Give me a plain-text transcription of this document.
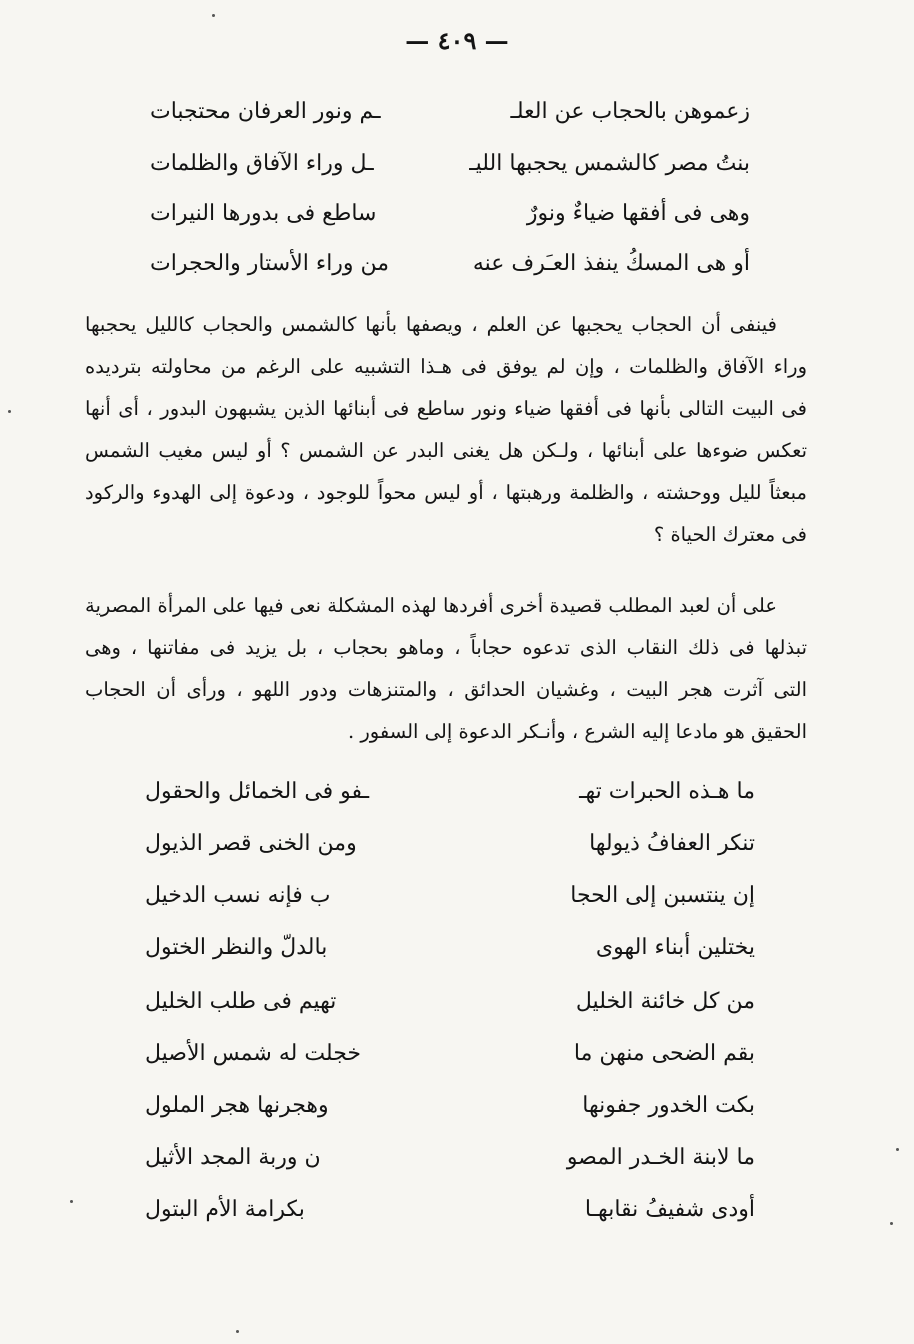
— ٤٠٩ —
زعموهن بالحجاب عن العلـ
ـم ونور العرفان محتجبات
بنتُ مصر كالشمس يحجبها الليـ
ـل وراء الآفاق والظلمات
وهى فى أفقها ضياءٌ ونورٌ
ساطع فى بدورها النيرات
أو هى المسكُ ينفذ العـَرف عنه
من وراء الأستار والحجرات
فينفى أن الحجاب يحجبها عن العلم ، ويصفها بأنها كالشمس والحجاب كالليل يحجبها
وراء الآفاق والظلمات ، وإن لم يوفق فى هـذا التشبيه على الرغم من محاولته بترديده
فى البيت التالى بأنها فى أفقها ضياء ونور ساطع فى أبنائها الذين يشبهون البدور ، أى أنها
تعكس ضوءها على أبنائها ، ولـكن هل يغنى البدر عن الشمس ؟ أو ليس مغيب الشمس
مبعثاً لليل ووحشته ، والظلمة ورهبتها ، أو ليس محواً للوجود ، ودعوة إلى الهدوء والركود
فى معترك الحياة ؟
على أن لعبد المطلب قصيدة أخرى أفردها لهذه المشكلة نعى فيها على المرأة المصرية
تبذلها فى ذلك النقاب الذى تدعوه حجاباً ، وماهو بحجاب ، بل يزيد فى مفاتنها ، وهى
التى آثرت هجر البيت ، وغشيان الحدائق ، والمتنزهات ودور اللهو ، ورأى أن الحجاب
الحقيق هو مادعا إليه الشرع ، وأنـكر الدعوة إلى السفور .
ما هـذه الحبرات تهـ
ـفو فى الخمائل والحقول
تنكر العفافُ ذيولها
ومن الخنى قصر الذيول
إن ينتسبن إلى الحجا
ب فإنه نسب الدخيل
يختلين أبناء الهوى
بالدلّ والنظر الختول
من كل خائنة الخليل
تهيم فى طلب الخليل
بقم الضحى منهن ما
خجلت له شمس الأصيل
بكت الخدور جفونها
وهجرنها هجر الملول
ما لابنة الخـدر المصو
ن وربة المجد الأثيل
أودى شفيفُ نقابهـا
بكرامة الأم البتول
